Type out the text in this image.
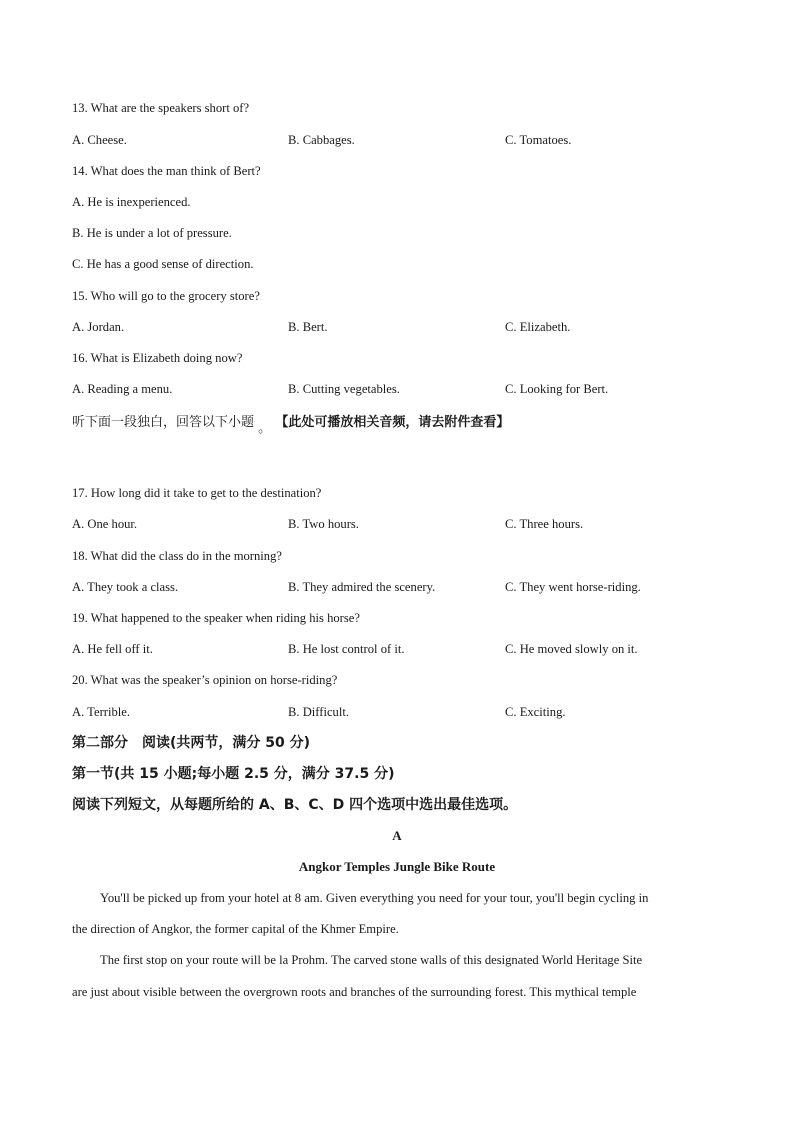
13. What are the speakers short of?
A. Cheese.	B. Cabbages.	C. Tomatoes.
14. What does the man think of Bert?
A. He is inexperienced.
B. He is under a lot of pressure.
C. He has a good sense of direction.
15. Who will go to the grocery store?
A. Jordan.	B. Bert.	C. Elizabeth.
16. What is Elizabeth doing now?
A. Reading a menu.	B. Cutting vegetables.	C. Looking for Bert.
听下面一段独白，回答以下小题 。 【此处可播放相关音频，请去附件查看】
17. How long did it take to get to the destination?
A. One hour.	B. Two hours.	C. Three hours.
18. What did the class do in the morning?
A. They took a class.	B. They admired the scenery.	C. They went horse-riding.
19. What happened to the speaker when riding his horse?
A. He fell off it.	B. He lost control of it.	C. He moved slowly on it.
20. What was the speaker’s opinion on horse-riding?
A. Terrible.	B. Difficult.	C. Exciting.
第二部分　阅读(共两节，满分 50 分)
第一节(共 15 小题;每小题 2.5 分，满分 37.5 分)
阅读下列短文，从每题所给的 A、B、C、D 四个选项中选出最佳选项。
A
Angkor Temples Jungle Bike Route
You'll be picked up from your hotel at 8 am. Given everything you need for your tour, you'll begin cycling in
the direction of Angkor, the former capital of the Khmer Empire.
The first stop on your route will be la Prohm. The carved stone walls of this designated World Heritage Site
are just about visible between the overgrown roots and branches of the surrounding forest. This mythical temple
